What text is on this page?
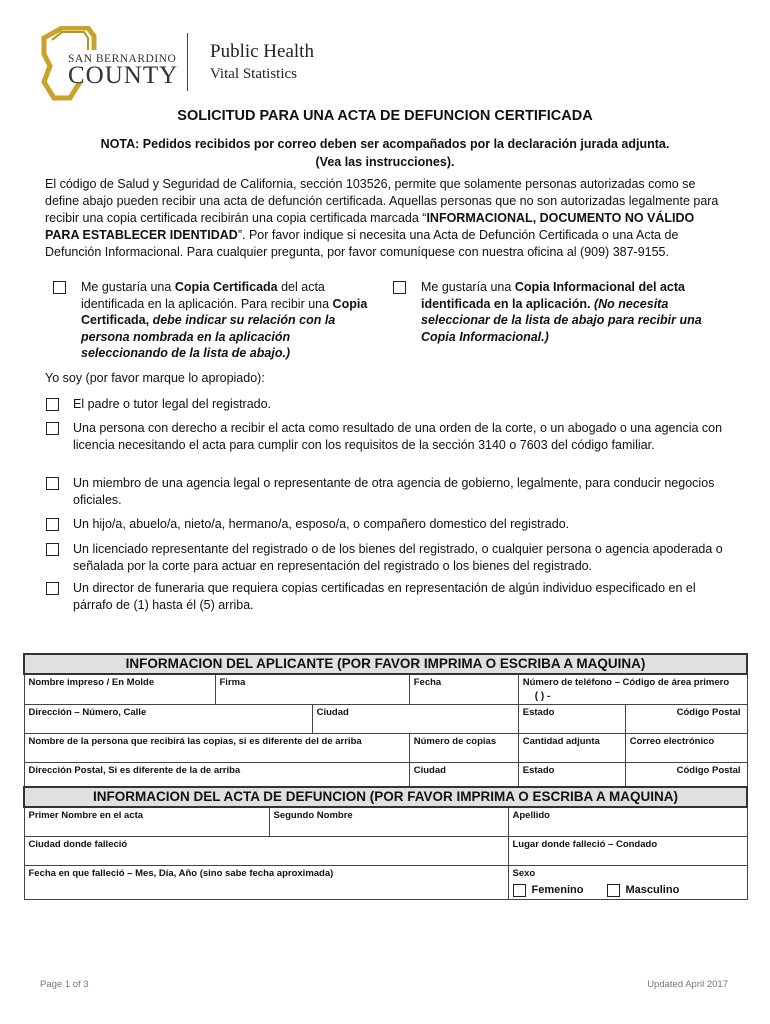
SAN BERNARDINO
COUNTY
Public Health
Vital Statistics
SOLICITUD PARA UNA ACTA DE DEFUNCION CERTIFICADA
NOTA: Pedidos recibidos por correo deben ser acompañados por la declaración jurada adjunta.
(Vea las instrucciones).
El código de Salud y Seguridad de California, sección 103526, permite que solamente personas autorizadas como se define abajo pueden recibir una acta de defunción certificada. Aquellas personas que no son autorizadas legalmente para recibir una copia certificada recibirán una copia certificada marcada “INFORMACIONAL, DOCUMENTO NO VÁLIDO PARA ESTABLECER IDENTIDAD”. Por favor indique si necesita una Acta de Defunción Certificada o una Acta de Defunción Informacional. Para cualquier pregunta, por favor comuníquese con nuestra oficina al (909) 387-9155.
Me gustaría una Copia Certificada del acta identificada en la aplicación. Para recibir una Copia Certificada, debe indicar su relación con la persona nombrada en la aplicación seleccionando de la lista de abajo.)
Me gustaría una Copia Informacional del acta identificada en la aplicación. (No necesita seleccionar de la lista de abajo para recibir una Copia Informacional.)
Yo soy (por favor marque lo apropiado):
El padre o tutor legal del registrado.
Una persona con derecho a recibir el acta como resultado de una orden de la corte, o un abogado o una agencia con licencia necesitando el acta para cumplir con los requisitos de la sección 3140 o 7603 del código familiar.
Un miembro de una agencia legal o representante de otra agencia de gobierno, legalmente, para conducir negocios oficiales.
Un hijo/a, abuelo/a, nieto/a, hermano/a, esposo/a, o compañero domestico del registrado.
Un licenciado representante del registrado o de los bienes del registrado, o cualquier persona o agencia apoderada o señalada por la corte para actuar en representación del registrado o los bienes del registrado.
Un director de funeraria que requiera copias certificadas en representación de algún individuo especificado en el párrafo de (1) hasta él (5) arriba.
INFORMACION DEL APLICANTE (POR FAVOR IMPRIMA O ESCRIBA A MAQUINA)					
Nombre impreso / En Molde	Firma		Fecha	Número de teléfono – Código de área primero
( ) -	

Dirección – Número, Calle		Ciudad		Estado	Código Postal
Nombre de la persona que recibirá las copias, si es diferente del de arriba			Número de copias	Cantidad adjunta	Correo electrónico
Dirección Postal, Si es diferente de la de arriba			Ciudad	Estado	Código Postal
INFORMACION DEL ACTA DE DEFUNCION (POR FAVOR IMPRIMA O ESCRIBA A MAQUINA)		
Primer Nombre en el acta	Segundo Nombre	Apellido
Ciudad donde falleció		Lugar donde falleció – Condado
Fecha en que falleció – Mes, Día, Año (sino sabe fecha aproximada)		Sexo
Femenino Masculino
Page 1 of 3	Updated April 2017
